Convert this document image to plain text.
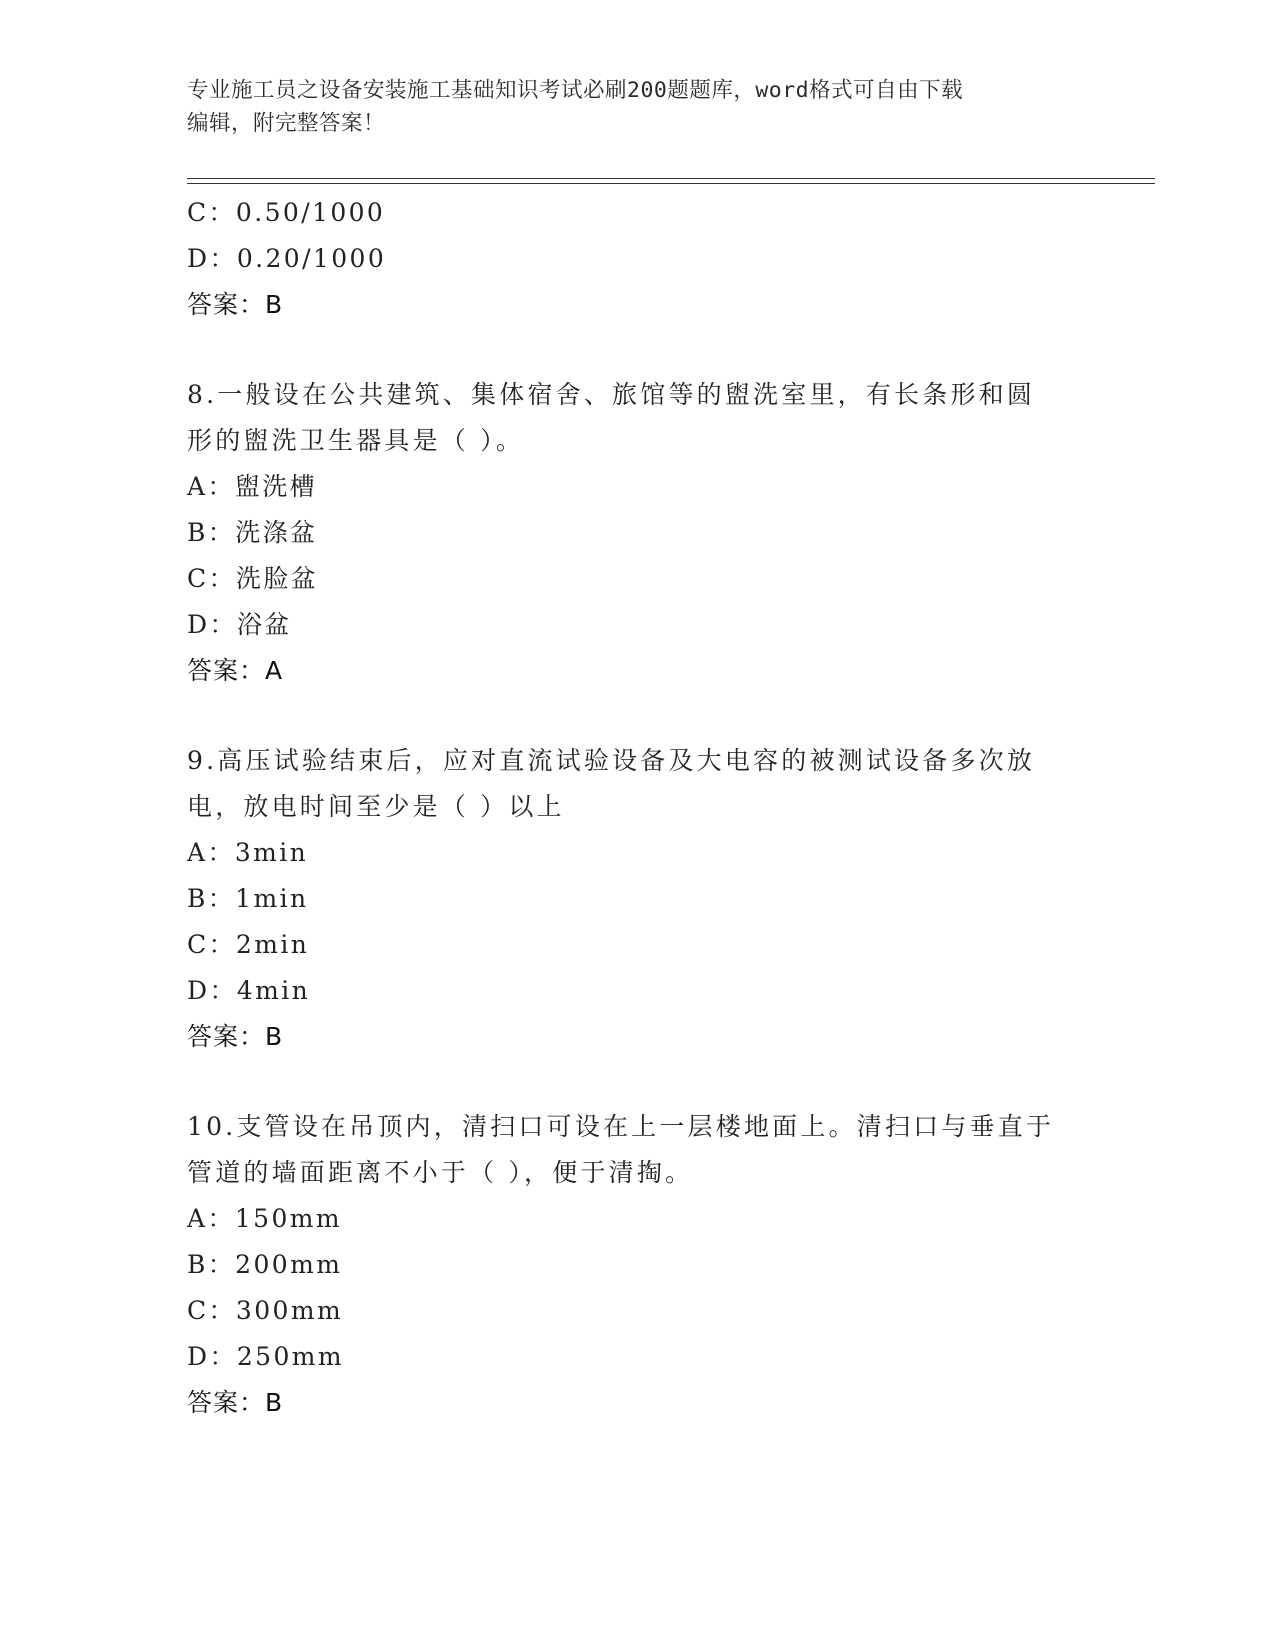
专业施工员之设备安装施工基础知识考试必刷200题题库，word格式可自由下载
编辑，附完整答案！
C：0.50/1000
D：0.20/1000
答案：B
8.一般设在公共建筑、集体宿舍、旅馆等的盥洗室里，有长条形和圆
形的盥洗卫生器具是（ ）。
A：盥洗槽
B：洗涤盆
C：洗脸盆
D：浴盆
答案：A
9.高压试验结束后，应对直流试验设备及大电容的被测试设备多次放
电，放电时间至少是（ ）以上
A：3min
B：1min
C：2min
D：4min
答案：B
10.支管设在吊顶内，清扫口可设在上一层楼地面上。清扫口与垂直于
管道的墙面距离不小于（ ），便于清掏。
A：150mm
B：200mm
C：300mm
D：250mm
答案：B
